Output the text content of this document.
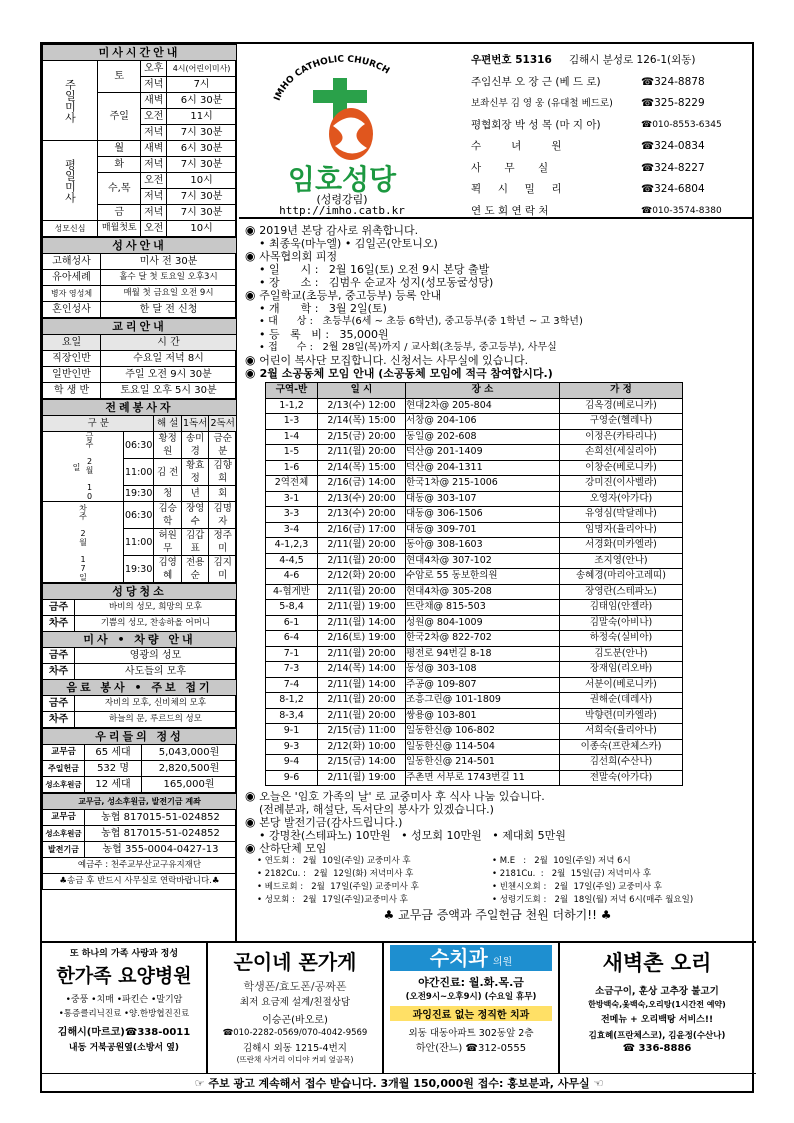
미사시간안내			
주일미사	토	오후	4시(어린이미사)
		저녁	7시
	주일	새벽	6시 30분
		오전	11시
		저녁	7시 30분
평일미사	월	새벽	6시 30분
	화	저녁	7시 30분
	수,목	오전	10시
		저녁	7시 30분
	금	저녁	7시 30분
성모신심	매월첫토	오전	10시
성사안내	
고해성사	미사 전 30분
유아세례	홀수 달 첫 토요일 오후3시
병자 영성체	매월 첫 금요일 오전 9시
혼인성사	한 달 전 신청
교리안내	
요일	시 간
직장인반	수요일 저녁 8시
일반인반	주일 오전 9시 30분
학 생 반	토요일 오후 5시 30분
전례봉사자				
구 분		해 설	1독서	2독서
금주 2월 10일	06:30	황정원	송미경	금순분
	11:00	김 전	황효정	김향희
	19:30	청	년	회
차주 2월 17일	06:30	김승학	장영수	김명자
	11:00	허원무	김갑표	정주미
	19:30	김영혜	전용순	김지미
성당청소	
금주	바비의 성모, 희망의 모후
차주	기쁨의 성모, 찬송하올 어머니
미사 • 차량 안내	
금주	영광의 성모
차주	사도들의 모후
음료 봉사 • 주보 접기	
금주	자비의 모후, 신비체의 모후
차주	하늘의 문, 루르드의 성모
우리들의 정성		
교무금	65 세대	5,043,000원
주일헌금	532 명	2,820,500원
성소후원금	12 세대	165,000원
교무금, 성소후원금, 발전기금 계좌	
교무금	농협 817015-51-024852
성소후원금	농협 817015-51-024852
발전기금	농협 355-0004-0427-13
예금주 : 천주교부산교구유지재단	
♣송금 후 반드시 사무실로 연락바랍니다.♣	
IMHO CATHOLIC CHURCH
임호성당
(성령강림)
http://imho.catb.kr
우편번호 51316 김해시 분성로 126-1(외동)
주임신부 오 장 근 (베 드 로)	☎324-8878
보좌신부 김 영 웅 (유대철 베드로)	☎325-8229
평협회장 박 성 목 (마 지 아)	☎010-8553-6345
수         녀         원	☎324-0834
사       무       실	☎324-8227
꾁     시     밀     리	☎324-6804
연 도 회 연 락 처	☎010-3574-8380
◉ 2019년 본당 감사로 위촉합니다.
• 최종욱(마누엘) • 김일곤(안토니오)
◉ 사목협의회 피정
• 일      시 :   2월 16일(토) 오전 9시 본당 출발
• 장      소 :   김범우 순교자 성지(성모동굴성당)
◉ 주일학교(초등부, 중고등부) 등록 안내
• 개      학 :   3월 2일(토)
• 대      상 :   초등부(6세 ~ 초등 6학년), 중고등부(중 1학년 ~ 고 3학년)
• 등   록   비 :   35,000원
• 접      수 :   2월 28일(목)까지 / 교사회(초등부, 중고등부), 사무실
◉ 어린이 복사단 모집합니다. 신청서는 사무실에 있습니다.
◉ 2월 소공동체 모임 안내 (소공동체 모임에 적극 참여합시다.)
구역-반	일 시	장 소	가 정
1-1,2	2/13(수) 12:00	현대2차@ 205-804	김옥경(베로니카)
1-3	2/14(목) 15:00	서창@ 204-106	구영순(헬레나)
1-4	2/15(금) 20:00	동일@ 202-608	이정은(카타리나)
1-5	2/11(월) 20:00	덕산@ 201-1409	손희선(세실리아)
1-6	2/14(목) 15:00	덕산@ 204-1311	이창순(베로니카)
2역전체	2/16(금) 14:00	한국1차@ 215-1006	강미진(이사벨라)
3-1	2/13(수) 20:00	대동@ 303-107	오영자(아가다)
3-3	2/13(수) 20:00	대동@ 306-1506	유영심(막달레나)
3-4	2/16(금) 17:00	대동@ 309-701	임명자(율리아나)
4-1,2,3	2/11(월) 20:00	동아@ 308-1603	서경화(미카엘라)
4-4,5	2/11(월) 20:00	현대4차@ 307-102	조지영(안나)
4-6	2/12(화) 20:00	수암로 55 동보한의원	송혜경(마리아고레띠)
4-협게반	2/11(월) 20:00	현대4차@ 305-208	장영란(스테파노)
5-8,4	2/11(월) 19:00	뜨란채@ 815-503	김태임(안젤라)
6-1	2/11(월) 14:00	성원@ 804-1009	김말숙(아비나)
6-4	2/16(토) 19:00	한국2차@ 822-702	하정숙(실비아)
7-1	2/11(월) 20:00	평전로 94번길 8-18	김도분(안나)
7-3	2/14(목) 14:00	동성@ 303-108	장재임(리오바)
7-4	2/11(월) 14:00	주공@ 109-807	서분이(베로니카)
8-1,2	2/11(월) 20:00	조흥그린@ 101-1809	권해순(데레사)
8-3,4	2/11(월) 20:00	쌍용@ 103-801	박향련(미카엘라)
9-1	2/15(금) 11:00	일동한신@ 106-802	서희숙(율리아나)
9-3	2/12(화) 10:00	일동한신@ 114-504	이종숙(프란체스카)
9-4	2/15(금) 14:00	일동한신@ 214-501	김선희(수산나)
9-6	2/11(월) 19:00	주촌면 서부로 1743번길 11	전말숙(아가다)
◉ 오늘은 '임호 가족의 날' 로 교중미사 후 식사 나눔 있습니다.
(전례분과, 해설단, 독서단의 봉사가 있겠습니다.)
◉ 본당 발전기금(감사드립니다.)
• 강명찬(스테파노) 10만원   • 성모회 10만원   • 제대회 5만원
◉ 산하단체 모임
• 연도회 :   2월  10일(주일) 교중미사 후
• 2182Cu. :   2월  12일(화) 저녁미사 후
• 베드로회 :   2월  17일(주일) 교중미사 후
• 성모회 :   2월  17일(주일)교중미사 후
• M.E   :   2월  10일(주일) 저녁 6시
• 2181Cu.  :   2월  15일(금) 저녁미사 후
• 빈첸시오회 :   2월  17일(주일) 교중미사 후
• 성령기도회 :   2월  18일(월) 저녁 6시(매주 월요일)
♣ 교무금 증액과 주일헌금 천원 더하기!! ♣
또 하나의 가족 사랑과 정성
한가족 요양병원
•중풍 •치매 •파킨슨 •말기암
•통증클리닉진료 •양.한방협진진료
김해시(마르코)☎338-0011
내동 거북공원옆(소방서 옆)
곤이네 폰가게
학생폰/효도폰/공짜폰
최저 요금제 설계/친절상담
이승곤(바오로)
☎010-2282-0569/070-4042-9569
김해시 외동 1215-4번지
(뜨란채 사거리 이디야 커피 옆골목)
수치과 의원
야간진료: 월.화.목.금
(오전9시~오후9시) (수요일 휴무)
과잉진료 없는 정직한 치과
외동 대동아파트 302동앞 2층
하안(잔느) ☎312-0555
새벽촌 오리
소금구이, 훈상 고추장 불고기
한방백숙,옻백숙,오리탕(1시간전 예약)
전메뉴 + 오리백탕 서비스!!
김효혜(프란체스코), 김윤정(수산나)
☎ 336-8886
☞ 주보 광고 계속해서 접수 받습니다. 3개월 150,000원 접수: 홍보분과, 사무실 ☜
